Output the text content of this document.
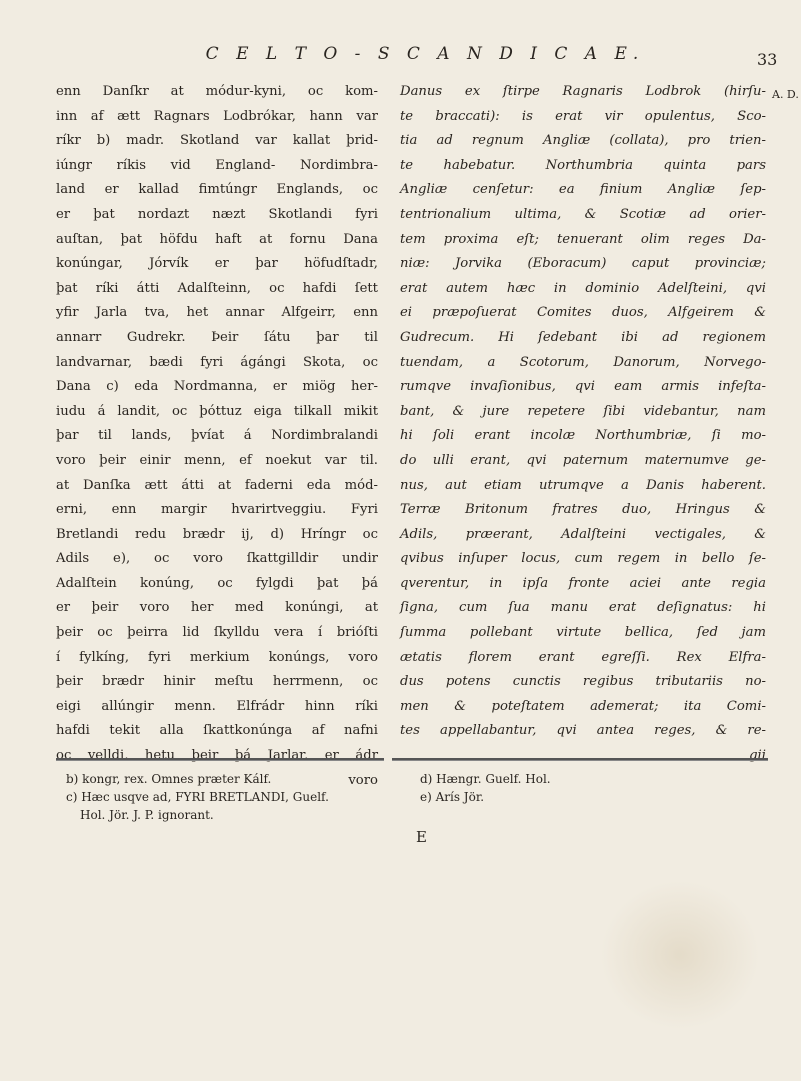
C E L T O - S C A N D I C A E.	33
A. D.
enn Danſkr at módur-kyni, oc kom-
inn af ætt Ragnars Lodbrókar, hann var
ríkr b) madr. Skotland var kallat þrid-
iúngr ríkis vid England- Nordimbra-
land er kallad fimtúngr Englands, oc
er þat nordazt næzt Skotlandi fyri
auſtan, þat höfdu haft at fornu Dana
konúngar, Jórvík er þar höfudſtadr,
þat ríki átti Adalſteinn, oc hafdi ſett
yfir Jarla tva, het annar Alfgeirr, enn
annarr Gudrekr. Þeir ſátu þar til
landvarnar, bædi fyri ágángi Skota, oc
Dana c) eda Nordmanna, er miög her-
iudu á landit, oc þóttuz eiga tilkall mikit
þar til lands, þvíat á Nordimbralandi
voro þeir einir menn, ef noekut var til.
at Danſka ætt átti at faderni eda mód-
erni, enn margir hvarirtveggiu. Fyri
Bretlandi redu brædr ij, d) Hríngr oc
Adils e), oc voro ſkattgilldir undir
Adalſtein konúng, oc fylgdi þat þá
er þeir voro her med konúngi, at
þeir oc þeirra lid ſkylldu vera í brióſti
í fylkíng, fyri merkium konúngs, voro
þeir brædr hinir meſtu herrmenn, oc
eigi allúngir menn. Elfrádr hinn ríki
hafdi tekit alla ſkattkonúnga af nafni
oc velldi, hetu þeir þá Jarlar, er ádr
voro
Danus ex ſtirpe Ragnaris Lodbrok (hirſu-
te braccati): is erat vir opulentus, Sco-
tia ad regnum Angliæ (collata), pro trien-
te habebatur. Northumbria quinta pars
Angliæ cenſetur: ea finium Angliæ ſep-
tentrionalium ultima, & Scotiæ ad orier-
tem proxima eſt; tenuerant olim reges Da-
niæ: Jorvika (Eboracum) caput provinciæ;
erat autem hæc in dominio Adelſteini, qvi
ei præpoſuerat Comites duos, Alfgeirem &
Gudrecum. Hi ſedebant ibi ad regionem
tuendam, a Scotorum, Danorum, Norvego-
rumqve invaſionibus, qvi eam armis infeſta-
bant, & jure repetere ſibi videbantur, nam
hi ſoli erant incolæ Northumbriæ, ſi mo-
do ulli erant, qvi paternum maternumve ge-
nus, aut etiam utrumqve a Danis haberent.
Terræ Britonum fratres duo, Hringus &
Adils, præerant, Adalſteini vectigales, &
qvibus inſuper locus, cum regem in bello ſe-
qverentur, in ipſa fronte aciei ante regia
ſigna, cum ſua manu erat deſignatus: hi
ſumma pollebant virtute bellica, ſed jam
ætatis florem erant egreſſi. Rex Elfra-
dus potens cunctis regibus tributariis no-
men & poteſtatem ademerat; ita Comi-
tes appellabantur, qvi antea reges, & re-
gii
b) kongr, rex. Omnes præter Kálf.
c) Hæc usqve ad, FYRI BRETLANDI, Guelf.
Hol. Jör. J. P. ignorant.
d) Hængr. Guelf. Hol.
e) Arís Jör.
E
